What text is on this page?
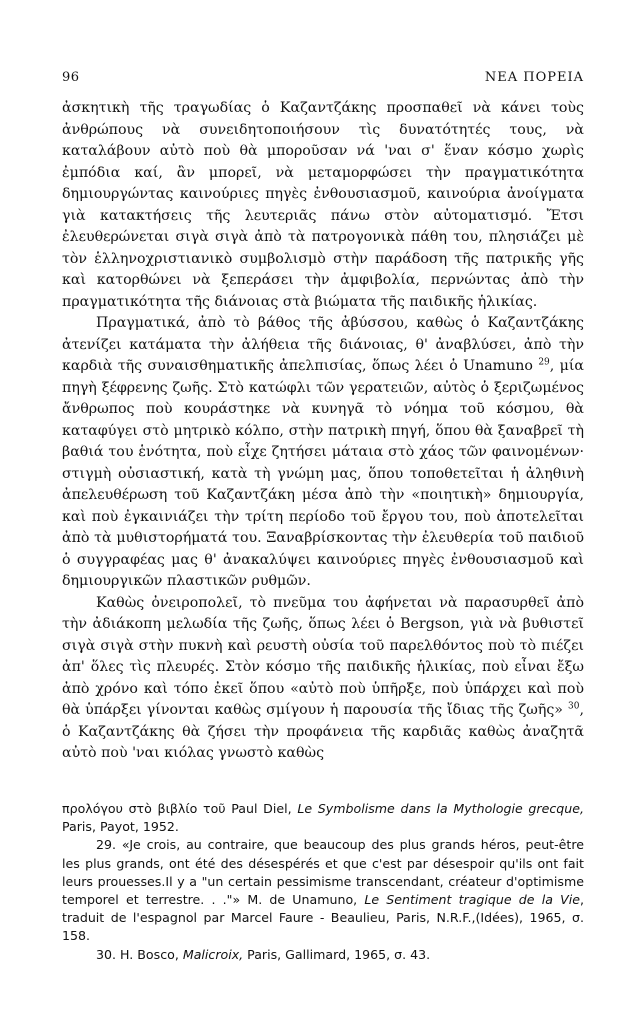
96	ΝΕΑ ΠΟΡΕΙΑ

ἀσκητικὴ τῆς τραγωδίας ὁ Καζαντζάκης προσπαθεῖ νὰ κάνει τοὺς ἀνθρώπους νὰ συνειδητοποιήσουν τὶς δυνατότητές τους, νὰ καταλάβουν αὐτὸ ποὺ θὰ μποροῦσαν νά 'ναι σ' ἕναν κόσμο χωρὶς ἐμπόδια καί, ἂν μπορεῖ, νὰ μεταμορφώσει τὴν πραγματικότητα δημιουργώντας καινούριες πηγὲς ἐνθουσιασμοῦ, καινούρια ἀνοίγματα γιὰ κατακτήσεις τῆς λευτεριᾶς πάνω στὸν αὐτοματισμό. Ἔτσι ἐλευθερώνεται σιγὰ σιγὰ ἀπὸ τὰ πατρογονικὰ πάθη του, πλησιάζει μὲ τὸν ἑλληνοχριστιανικὸ συμβολισμὸ στὴν παράδοση τῆς πατρικῆς γῆς καὶ κατορθώνει νὰ ξεπεράσει τὴν ἀμφιβολία, περνώντας ἀπὸ τὴν πραγματικότητα τῆς διάνοιας στὰ βιώματα τῆς παιδικῆς ἡλικίας.

Πραγματικά, ἀπὸ τὸ βάθος τῆς ἀβύσσου, καθὼς ὁ Καζαντζάκης ἀτενίζει κατάματα τὴν ἀλήθεια τῆς διάνοιας, θ' ἀναβλύσει, ἀπὸ τὴν καρδιὰ τῆς συναισθηματικῆς ἀπελπισίας, ὅπως λέει ὁ Unamuno $^{29}$, μία πηγὴ ξέφρενης ζωῆς. Στὸ κατώφλι τῶν γερατειῶν, αὐτὸς ὁ ξεριζωμένος ἄνθρωπος ποὺ κουράστηκε νὰ κυνηγᾶ τὸ νόημα τοῦ κόσμου, θὰ καταφύγει στὸ μητρικὸ κόλπο, στὴν πατρικὴ πηγή, ὅπου θὰ ξαναβρεῖ τὴ βαθιά του ἑνότητα, ποὺ εἶχε ζητήσει μάταια στὸ χάος τῶν φαινομένων· στιγμὴ οὐσιαστική, κατὰ τὴ γνώμη μας, ὅπου τοποθετεῖται ἡ ἀληθινὴ ἀπελευθέρωση τοῦ Καζαντζάκη μέσα ἀπὸ τὴν «ποιητικὴ» δημιουργία, καὶ ποὺ ἐγκαινιάζει τὴν τρίτη περίοδο τοῦ ἔργου του, ποὺ ἀποτελεῖται ἀπὸ τὰ μυθιστορήματά του. Ξαναβρίσκοντας τὴν ἐλευθερία τοῦ παιδιοῦ ὁ συγγραφέας μας θ' ἀνακαλύψει καινούριες πηγὲς ἐνθουσιασμοῦ καὶ δημιουργικῶν πλαστικῶν ρυθμῶν.

Καθὼς ὀνειροπολεῖ, τὸ πνεῦμα του ἀφήνεται νὰ παρασυρθεῖ ἀπὸ τὴν ἀδιάκοπη μελωδία τῆς ζωῆς, ὅπως λέει ὁ Bergson, γιὰ νὰ βυθιστεῖ σιγὰ σιγὰ στὴν πυκνὴ καὶ ρευστὴ οὐσία τοῦ παρελθόντος ποὺ τὸ πιέζει ἀπ' ὅλες τὶς πλευρές. Στὸν κόσμο τῆς παιδικῆς ἡλικίας, ποὺ εἶναι ἔξω ἀπὸ χρόνο καὶ τόπο ἐκεῖ ὅπου «αὐτὸ ποὺ ὑπῆρξε, ποὺ ὑπάρχει καὶ ποὺ θὰ ὑπάρξει γίνονται καθὼς σμίγουν ἡ παρουσία τῆς ἴδιας τῆς ζωῆς» $^{30}$, ὁ Καζαντζάκης θὰ ζήσει τὴν προφάνεια τῆς καρδιᾶς καθὼς ἀναζητᾶ αὐτὸ ποὺ 'ναι κιόλας γνωστὸ καθὼς

προλόγου στὸ βιβλίο τοῦ Paul Diel, Le Symbolisme dans la Mythologie grecque, Paris, Payot, 1952.

29. «Je crois, au contraire, que beaucoup des plus grands héros, peut-être les plus grands, ont été des désespérés et que c'est par désespoir qu'ils ont fait leurs prouesses.Il y a "un certain pessimisme transcendant, créateur d'optimisme temporel et terrestre. . ."» M. de Unamuno, Le Sentiment tragique de la Vie, traduit de l'espagnol par Marcel Faure - Beaulieu, Paris, N.R.F.,(Idées), 1965, σ. 158.

30. H. Bosco, Malicroix, Paris, Gallimard, 1965, σ. 43.
